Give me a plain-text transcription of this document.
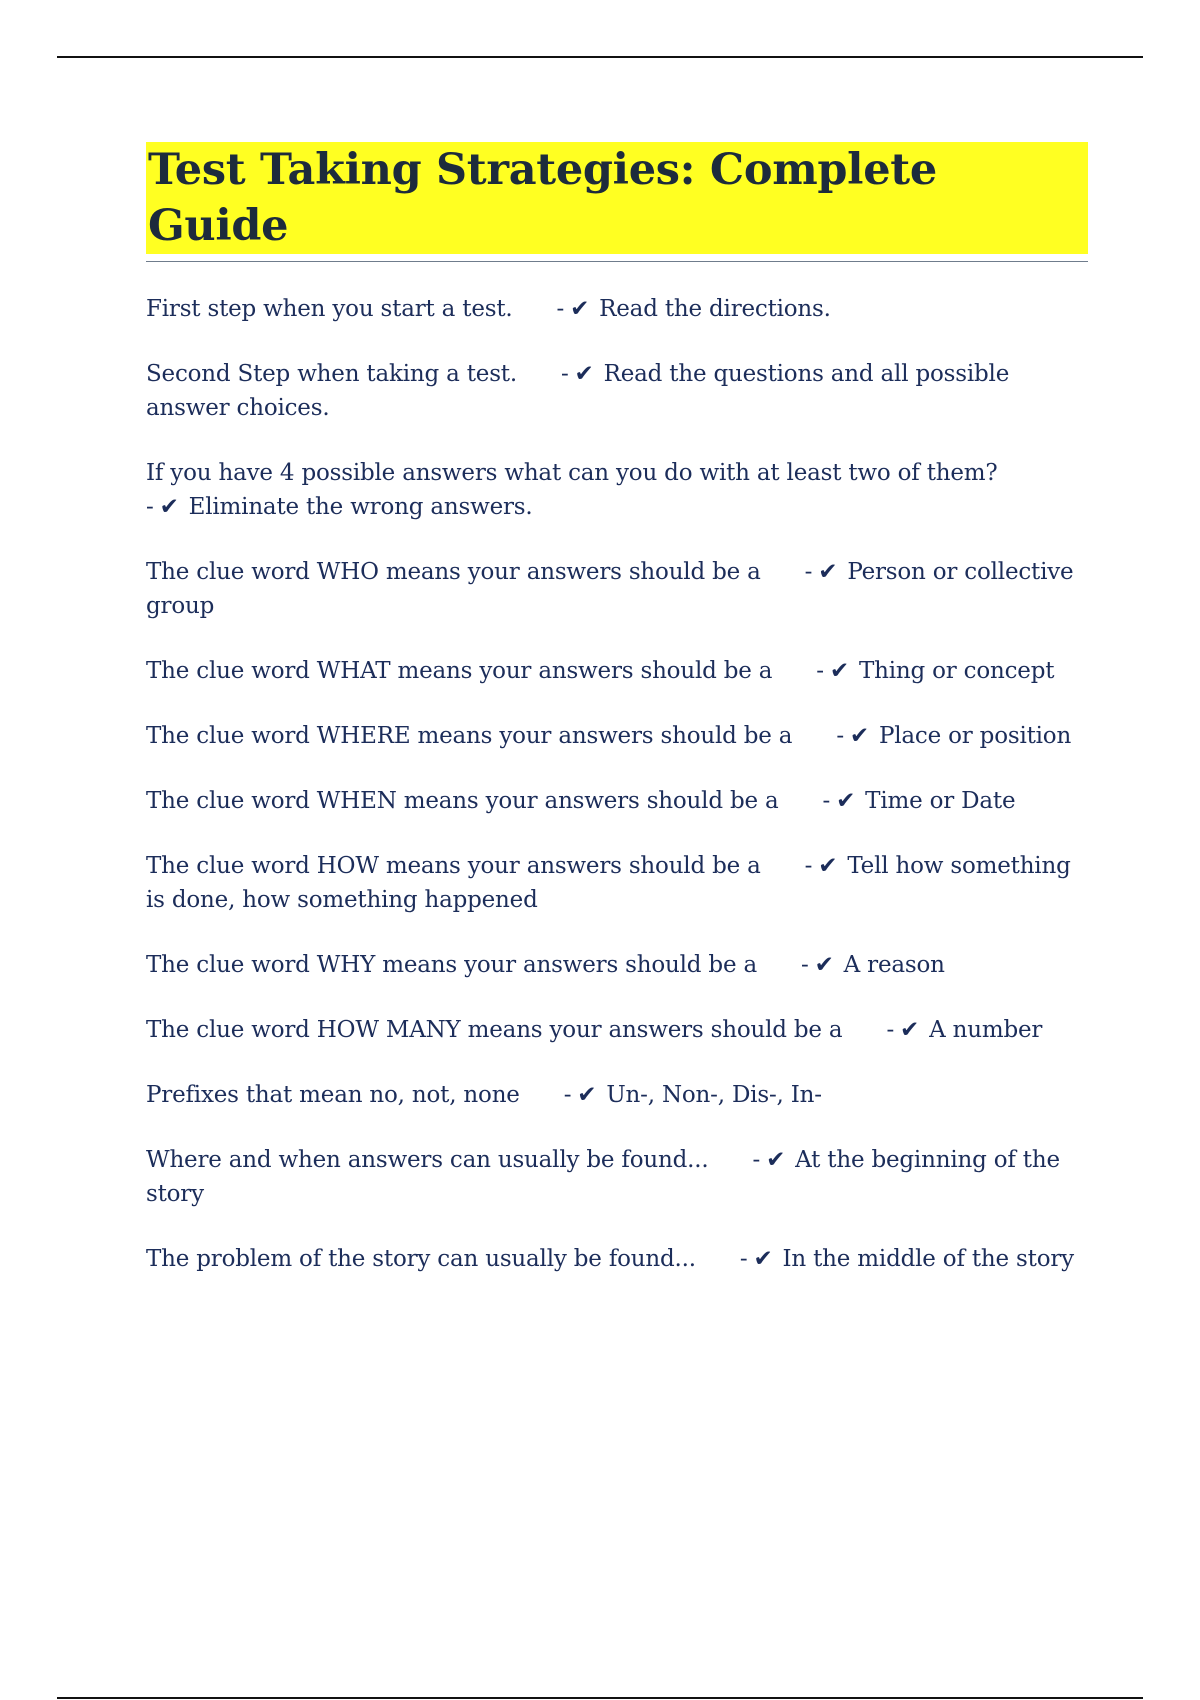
Test Taking Strategies: Complete Guide

First step when you start a test. - ✔ Read the directions.

Second Step when taking a test. - ✔ Read the questions and all possible answer choices.

If you have 4 possible answers what can you do with at least two of them?
- ✔ Eliminate the wrong answers.

The clue word WHO means your answers should be a - ✔ Person or collective group

The clue word WHAT means your answers should be a - ✔ Thing or concept

The clue word WHERE means your answers should be a - ✔ Place or position

The clue word WHEN means your answers should be a - ✔ Time or Date

The clue word HOW means your answers should be a - ✔ Tell how something is done, how something happened

The clue word WHY means your answers should be a - ✔ A reason

The clue word HOW MANY means your answers should be a - ✔ A number

Prefixes that mean no, not, none - ✔ Un-, Non-, Dis-, In-

Where and when answers can usually be found... - ✔ At the beginning of the story

The problem of the story can usually be found... - ✔ In the middle of the story
